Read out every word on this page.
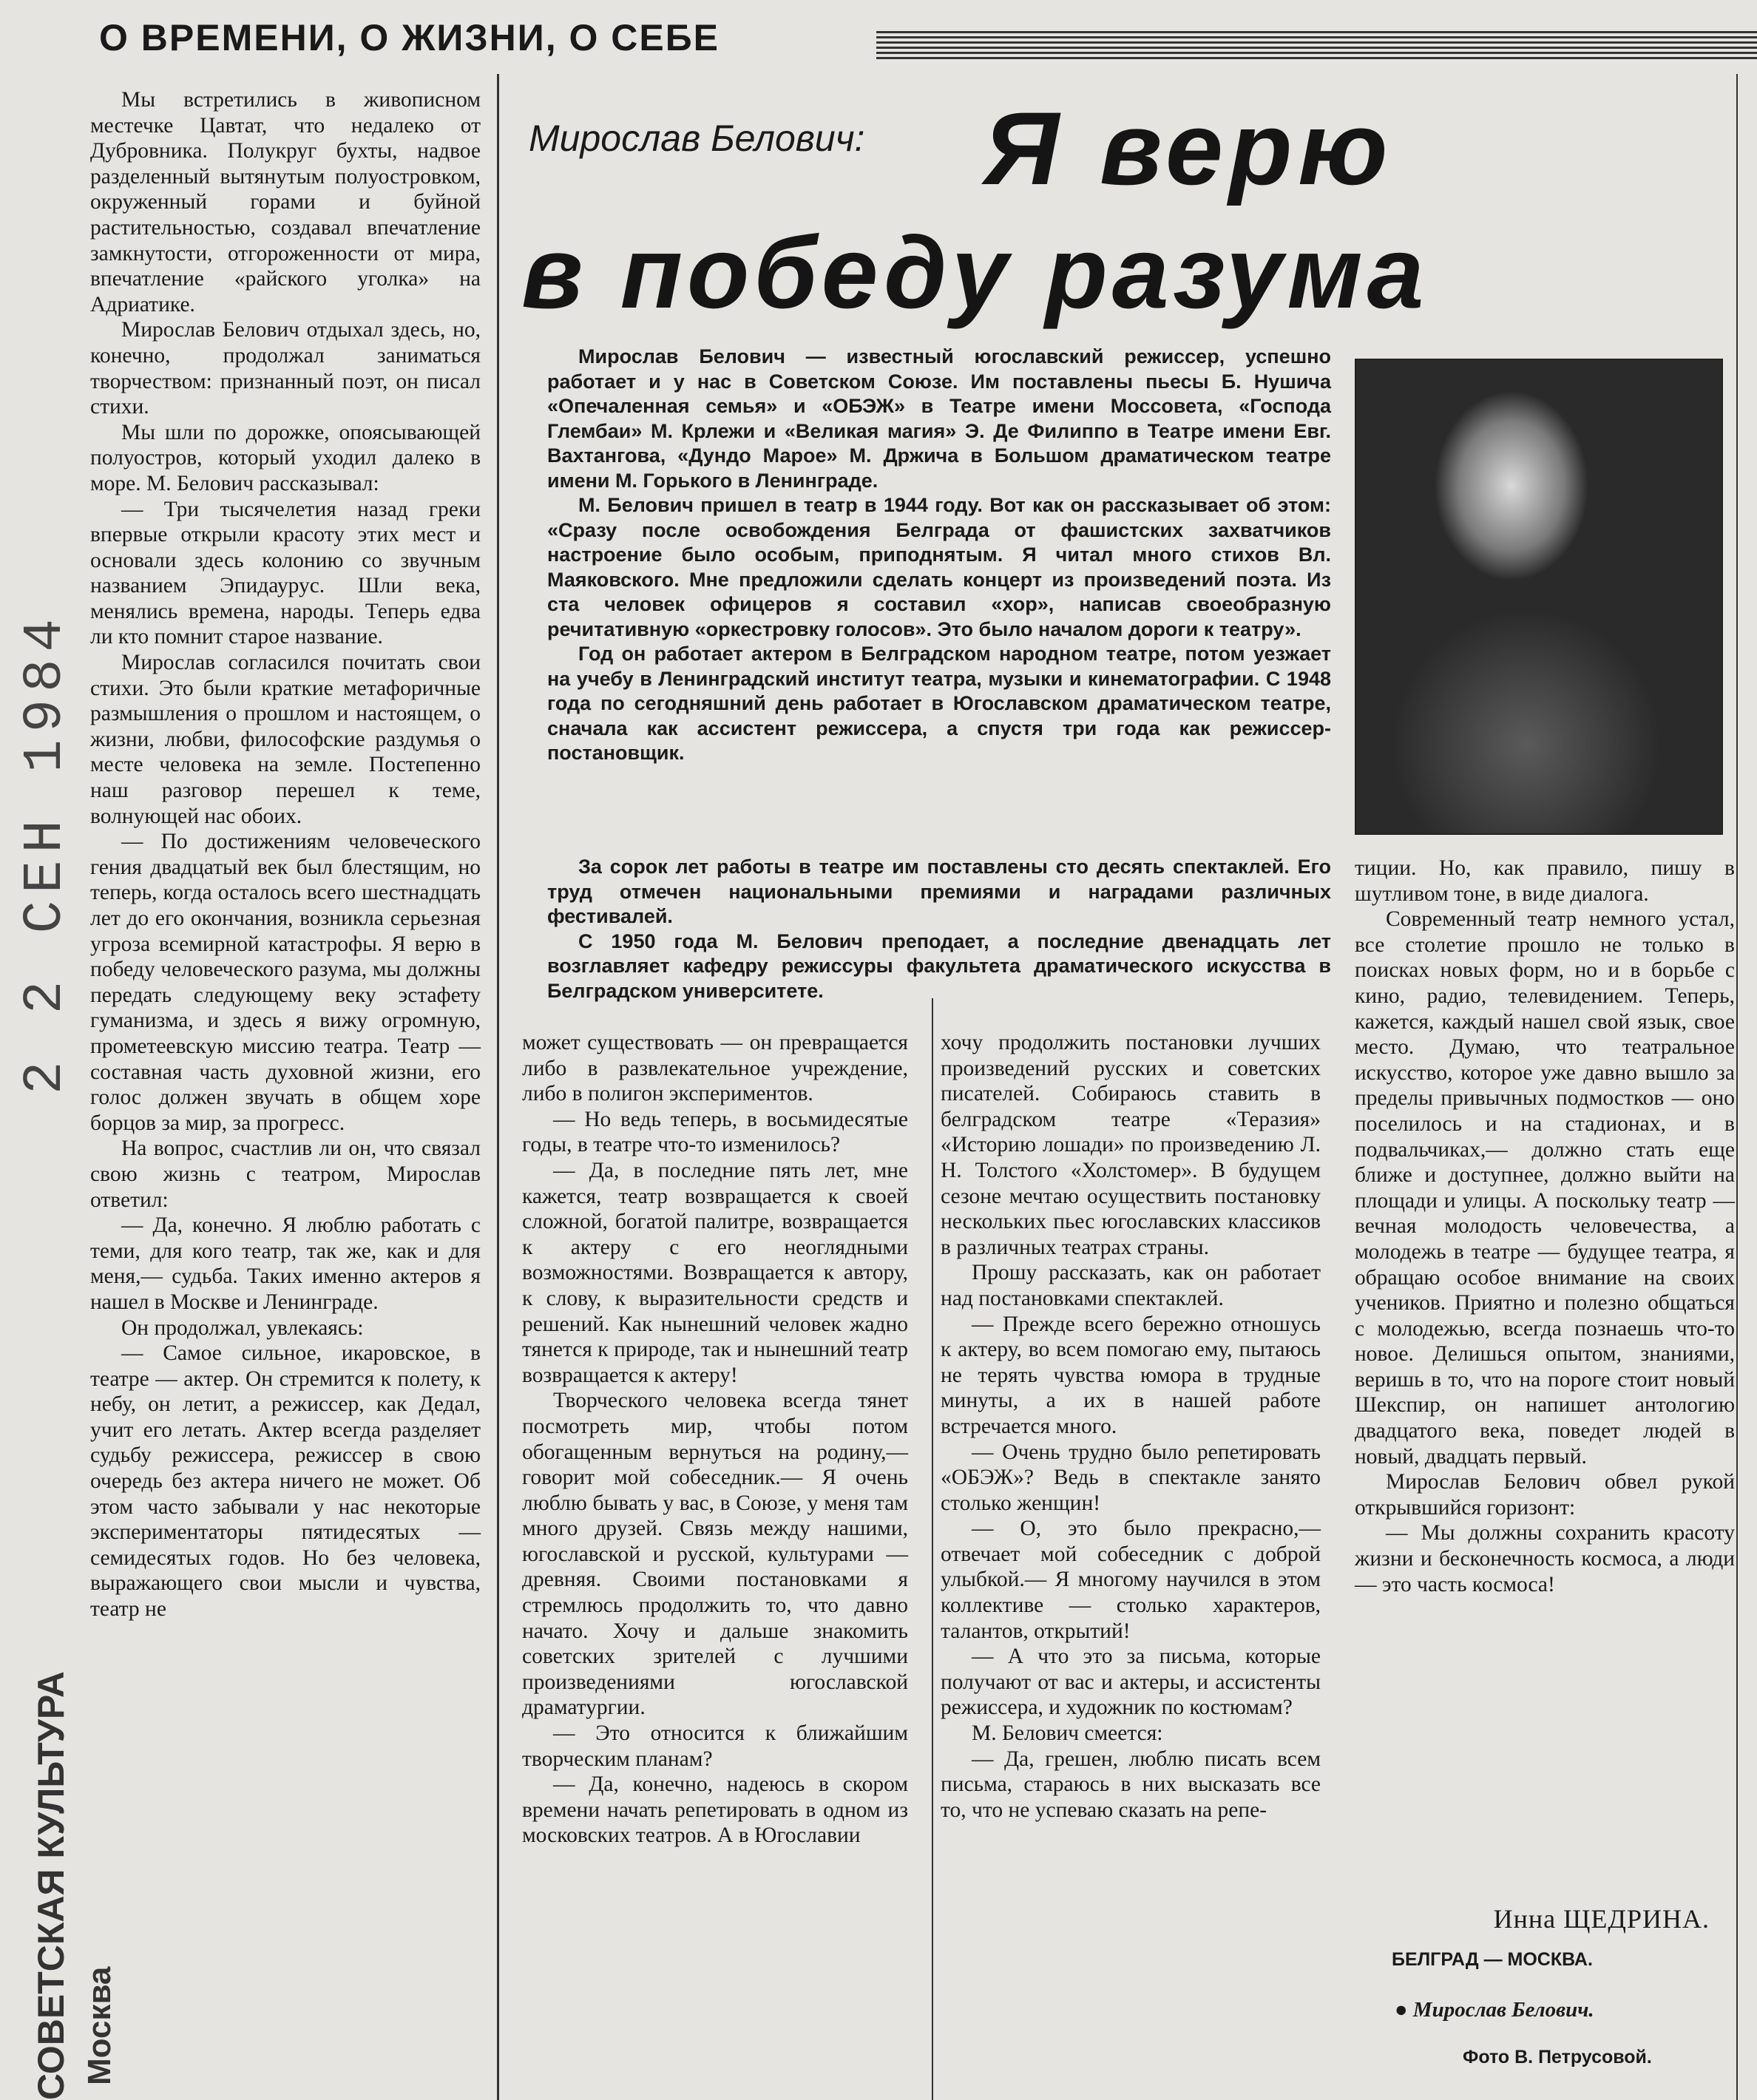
О ВРЕМЕНИ, О ЖИЗНИ, О СЕБЕ
Мирослав Белович: Я верю
в победу разума

Мирослав Белович — известный югославский режиссер, успешно работает и у нас в Советском Союзе. Им поставлены пьесы Б. Нушича «Опечаленная семья» и «ОБЭЖ» в Театре имени Моссовета, «Господа Глембаи» М. Крлежи и «Великая магия» Э. Де Филиппо в Театре имени Евг. Вахтангова, «Дундо Марое» М. Држича в Большом драматическом театре имени М. Горького в Ленинграде.

М. Белович пришел в театр в 1944 году. Вот как он рассказывает об этом: «Сразу после освобождения Белграда от фашистских захватчиков настроение было особым, приподнятым. Я читал много стихов Вл. Маяковского. Мне предложили сделать концерт из произведений поэта. Из ста человек офицеров я составил «хор», написав своеобразную речитативную «оркестровку голосов». Это было началом дороги к театру».

Год он работает актером в Белградском народном театре, потом уезжает на учебу в Ленинградский институт театра, музыки и кинематографии. С 1948 года по сегодняшний день работает в Югославском драматическом театре, сначала как ассистент режиссера, а спустя три года как режиссер-постановщик.

За сорок лет работы в театре им поставлены сто десять спектаклей. Его труд отмечен национальными премиями и наградами различных фестивалей.

С 1950 года М. Белович преподает, а последние двенадцать лет возглавляет кафедру режиссуры факультета драматического искусства в Белградском университете.

Мы встретились в живописном местечке Цавтат, что недалеко от Дубровника. Полукруг бухты, надвое разделенный вытянутым полуостровком, окруженный горами и буйной растительностью, создавал впечатление замкнутости, отгороженности от мира, впечатление «райского уголка» на Адриатике.

Мирослав Белович отдыхал здесь, но, конечно, продолжал заниматься творчеством: признанный поэт, он писал стихи.

Мы шли по дорожке, опоясывающей полуостров, который уходил далеко в море. М. Белович рассказывал:

— Три тысячелетия назад греки впервые открыли красоту этих мест и основали здесь колонию со звучным названием Эпидаурус. Шли века, менялись времена, народы. Теперь едва ли кто помнит старое название.

Мирослав согласился почитать свои стихи. Это были краткие метафоричные размышления о прошлом и настоящем, о жизни, любви, философские раздумья о месте человека на земле. Постепенно наш разговор перешел к теме, волнующей нас обоих.

— По достижениям человеческого гения двадцатый век был блестящим, но теперь, когда осталось всего шестнадцать лет до его окончания, возникла серьезная угроза всемирной катастрофы. Я верю в победу человеческого разума, мы должны передать следующему веку эстафету гуманизма, и здесь я вижу огромную, прометеевскую миссию театра. Театр — составная часть духовной жизни, его голос должен звучать в общем хоре борцов за мир, за прогресс.

На вопрос, счастлив ли он, что связал свою жизнь с театром, Мирослав ответил:

— Да, конечно. Я люблю работать с теми, для кого театр, так же, как и для меня,— судьба. Таких именно актеров я нашел в Москве и Ленинграде.

Он продолжал, увлекаясь:

— Самое сильное, икаровское, в театре — актер. Он стремится к полету, к небу, он летит, а режиссер, как Дедал, учит его летать. Актер всегда разделяет судьбу режиссера, режиссер в свою очередь без актера ничего не может. Об этом часто забывали у нас некоторые экспериментаторы пятидесятых — семидесятых годов. Но без человека, выражающего свои мысли и чувства, театр не

может существовать — он превращается либо в развлекательное учреждение, либо в полигон экспериментов.

— Но ведь теперь, в восьмидесятые годы, в театре что-то изменилось?

— Да, в последние пять лет, мне кажется, театр возвращается к своей сложной, богатой палитре, возвращается к актеру с его неоглядными возможностями. Возвращается к автору, к слову, к выразительности средств и решений. Как нынешний человек жадно тянется к природе, так и нынешний театр возвращается к актеру!

Творческого человека всегда тянет посмотреть мир, чтобы потом обогащенным вернуться на родину,— говорит мой собеседник.— Я очень люблю бывать у вас, в Союзе, у меня там много друзей. Связь между нашими, югославской и русской, культурами — древняя. Своими постановками я стремлюсь продолжить то, что давно начато. Хочу и дальше знакомить советских зрителей с лучшими произведениями югославской драматургии.

— Это относится к ближайшим творческим планам?

— Да, конечно, надеюсь в скором времени начать репетировать в одном из московских театров. А в Югославии

хочу продолжить постановки лучших произведений русских и советских писателей. Собираюсь ставить в белградском театре «Теразия» «Историю лошади» по произведению Л. Н. Толстого «Холстомер». В будущем сезоне мечтаю осуществить постановку нескольких пьес югославских классиков в различных театрах страны.

Прошу рассказать, как он работает над постановками спектаклей.

— Прежде всего бережно отношусь к актеру, во всем помогаю ему, пытаюсь не терять чувства юмора в трудные минуты, а их в нашей работе встречается много.

— Очень трудно было репетировать «ОБЭЖ»? Ведь в спектакле занято столько женщин!

— О, это было прекрасно,— отвечает мой собеседник с доброй улыбкой.— Я многому научился в этом коллективе — столько характеров, талантов, открытий!

— А что это за письма, которые получают от вас и актеры, и ассистенты режиссера, и художник по костюмам?

М. Белович смеется:

— Да, грешен, люблю писать всем письма, стараюсь в них высказать все то, что не успеваю сказать на репе-

тиции. Но, как правило, пишу в шутливом тоне, в виде диалога.

Современный театр немного устал, все столетие прошло не только в поисках новых форм, но и в борьбе с кино, радио, телевидением. Теперь, кажется, каждый нашел свой язык, свое место. Думаю, что театральное искусство, которое уже давно вышло за пределы привычных подмостков — оно поселилось и на стадионах, и в подвальчиках,— должно стать еще ближе и доступнее, должно выйти на площади и улицы. А поскольку театр — вечная молодость человечества, а молодежь в театре — будущее театра, я обращаю особое внимание на своих учеников. Приятно и полезно общаться с молодежью, всегда познаешь что-то новое. Делишься опытом, знаниями, веришь в то, что на пороге стоит новый Шекспир, он напишет антологию двадцатого века, поведет людей в новый, двадцать первый.

Мирослав Белович обвел рукой открывшийся горизонт:

— Мы должны сохранить красоту жизни и бесконечность космоса, а люди — это часть космоса!

Инна ЩЕДРИНА.
БЕЛГРАД — МОСКВА.
● Мирослав Белович.
Фото В. Петрусовой.
2 2 СЕН 1984
СОВЕТСКАЯ КУЛЬТУРА Москва
